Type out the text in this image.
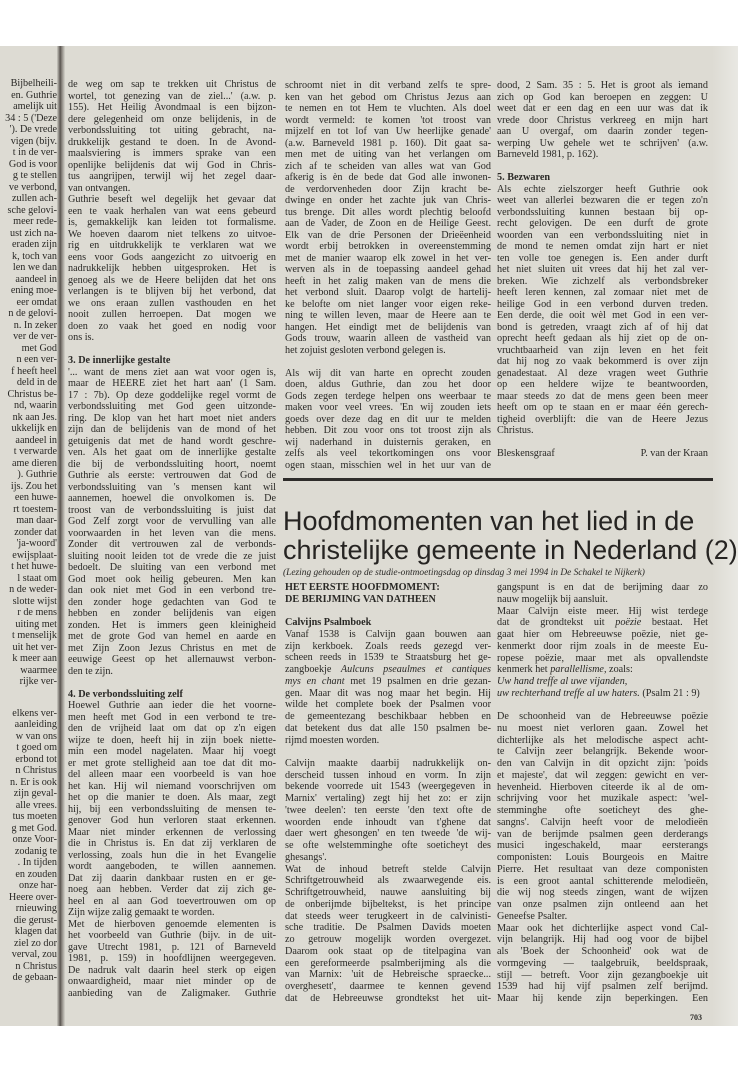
Bijbelheili-
en. Guthrie
amelijk uit
34 : 5 ('Deze
'). De vrede
vigen (bijv.
t in de ver-
God is voor
g te stellen
ve verbond,
zullen ach-
sche gelovi-
meer rede-
ust zich na-
eraden zijn
k, toch van
len we dan
aandeel in
ening moe-
eer omdat
n de gelovi-
n. In zeker
ver de ver-
met God
n een ver-
f heeft heel
deld in de
Christus be-
nd, waarin
nk aan Jes.
ukkelijk en
aandeel in
t verwarde
ame dieren
). Guthrie
ijs. Zou het
een huwe-
rt toestem-
man daar-
zonder dat
'ja-woord'
ewijsplaat-
t het huwe-
l staat om
n de weder-
slotte wijst
r de mens
uiting met
t menselijk
uit het ver-
k meer aan
waarmee
rijke ver-
elkens ver-
aanleiding
w van ons
t goed om
erbond tot
n Christus
n. Er is ook
zijn geval-
alle vrees.
tus moeten
g met God.
onze Voor-
zodanig te
. In tijden
en zouden
onze har-
Heere over-
rnieuwing
die gerust-
klagen dat
ziel zo dor
verval, zou
n Christus
de gebaan-
de weg om sap te trekken uit Christus de
wortel, tot genezing van de ziel...' (a.w. p.
155). Het Heilig Avondmaal is een bijzon-
dere gelegenheid om onze belijdenis, in de
verbondssluiting tot uiting gebracht, na-
drukkelijk gestand te doen. In de Avond-
maalsviering is immers sprake van een
openlijke belijdenis dat wij God in Chris-
tus aangrijpen, terwijl wij het zegel daar-
van ontvangen.
Guthrie beseft wel degelijk het gevaar dat
een te vaak herhalen van wat eens gebeurd
is, gemakkelijk kan leiden tot formalisme.
We hoeven daarom niet telkens zo uitvoe-
rig en uitdrukkelijk te verklaren wat we
eens voor Gods aangezicht zo uitvoerig en
nadrukkelijk hebben uitgesproken. Het is
genoeg als we de Heere belijden dat het ons
verlangen is te blijven bij het verbond, dat
we ons eraan zullen vasthouden en het
nooit zullen herroepen. Dat mogen we
doen zo vaak het goed en nodig voor
ons is.
3. De innerlijke gestalte
'... want de mens ziet aan wat voor ogen is,
maar de HEERE ziet het hart aan' (1 Sam.
17 : 7b). Op deze goddelijke regel vormt de
verbondssluiting met God geen uitzonde-
ring. De klop van het hart moet niet anders
zijn dan de belijdenis van de mond of het
getuigenis dat met de hand wordt geschre-
ven. Als het gaat om de innerlijke gestalte
die bij de verbondssluiting hoort, noemt
Guthrie als eerste: vertrouwen dat God de
verbondssluiting van 's mensen kant wil
aannemen, hoewel die onvolkomen is. De
troost van de verbondssluiting is juist dat
God Zelf zorgt voor de vervulling van alle
voorwaarden in het leven van die mens.
Zonder dit vertrouwen zal de verbonds-
sluiting nooit leiden tot de vrede die ze juist
bedoelt. De sluiting van een verbond met
God moet ook heilig gebeuren. Men kan
dan ook niet met God in een verbond tre-
den zonder hoge gedachten van God te
hebben en zonder belijdenis van eigen
zonden. Het is immers geen kleinigheid
met de grote God van hemel en aarde en
met Zijn Zoon Jezus Christus en met de
eeuwige Geest op het allernauwst verbon-
den te zijn.
4. De verbondssluiting zelf
Hoewel Guthrie aan ieder die het voorne-
men heeft met God in een verbond te tre-
den de vrijheid laat om dat op z'n eigen
wijze te doen, heeft hij in zijn boek niette-
min een model nagelaten. Maar hij voegt
er met grote stelligheid aan toe dat dit mo-
del alleen maar een voorbeeld is van hoe
het kan. Hij wil niemand voorschrijven om
het op die manier te doen. Als maar, zegt
hij, bij een verbondssluiting de mensen te-
genover God hun verloren staat erkennen.
Maar niet minder erkennen de verlossing
die in Christus is. En dat zij verklaren de
verlossing, zoals hun die in het Evangelie
wordt aangeboden, te willen aannemen.
Dat zij daarin dankbaar rusten en er ge-
noeg aan hebben. Verder dat zij zich ge-
heel en al aan God toevertrouwen om op
Zijn wijze zalig gemaakt te worden.
Met de hierboven genoemde elementen is
het voorbeeld van Guthrie (bijv. in de uit-
gave Utrecht 1981, p. 121 of Barneveld
1981, p. 159) in hoofdlijnen weergegeven.
De nadruk valt daarin heel sterk op eigen
onwaardigheid, maar niet minder op de
aanbieding van de Zaligmaker. Guthrie
schroomt niet in dit verband zelfs te spre-
ken van het gebod om Christus Jezus aan
te nemen en tot Hem te vluchten. Als doel
wordt vermeld: te komen 'tot troost van
mijzelf en tot lof van Uw heerlijke genade'
(a.w. Barneveld 1981 p. 160). Dit gaat sa-
men met de uiting van het verlangen om
zich af te scheiden van alles wat van God
afkerig is èn de bede dat God alle inwonen-
de verdorvenheden door Zijn kracht be-
dwinge en onder het zachte juk van Chris-
tus brenge. Dit alles wordt plechtig beloofd
aan de Vader, de Zoon en de Heilige Geest.
Elk van de drie Personen der Drieëenheid
wordt erbij betrokken in overeenstemming
met de manier waarop elk zowel in het ver-
werven als in de toepassing aandeel gehad
heeft in het zalig maken van de mens die
het verbond sluit. Daarop volgt de hartelij-
ke belofte om niet langer voor eigen reke-
ning te willen leven, maar de Heere aan te
hangen. Het eindigt met de belijdenis van
Gods trouw, waarin alleen de vastheid van
het zojuist gesloten verbond gelegen is.
Als wij dit van harte en oprecht zouden
doen, aldus Guthrie, dan zou het door
Gods zegen terdege helpen ons weerbaar te
maken voor veel vrees. 'En wij zouden iets
goeds over deze dag en dit uur te melden
hebben. Dit zou voor ons tot troost zijn als
wij naderhand in duisternis geraken, en
zelfs als veel tekortkomingen ons voor
ogen staan, misschien wel in het uur van de
dood, 2 Sam. 35 : 5. Het is groot als iemand
zich op God kan beroepen en zeggen: U
weet dat er een dag en een uur was dat ik
vrede door Christus verkreeg en mijn hart
aan U overgaf, om daarin zonder tegen-
werping Uw gehele wet te schrijven' (a.w.
Barneveld 1981, p. 162).
5. Bezwaren
Als echte zielszorger heeft Guthrie ook
weet van allerlei bezwaren die er tegen zo'n
verbondssluiting kunnen bestaan bij op-
recht gelovigen. De een durft de grote
woorden van een verbondssluiting niet in
de mond te nemen omdat zijn hart er niet
ten volle toe genegen is. Een ander durft
het niet sluiten uit vrees dat hij het zal ver-
breken. Wie zichzelf als verbondsbreker
heeft leren kennen, zal zomaar niet met de
heilige God in een verbond durven treden.
Een derde, die ooit wèl met God in een ver-
bond is getreden, vraagt zich af of hij dat
oprecht heeft gedaan als hij ziet op de on-
vruchtbaarheid van zijn leven en het feit
dat hij nog zo vaak bekommerd is over zijn
genadestaat. Al deze vragen weet Guthrie
op een heldere wijze te beantwoorden,
maar steeds zo dat de mens geen been meer
heeft om op te staan en er maar één gerech-
tigheid overblijft: die van de Heere Jezus
Christus.
Bleskensgraaf	P. van der Kraan
Hoofdmomenten van het lied in de
christelijke gemeente in Nederland (2)
(Lezing gehouden op de studie-ontmoetingsdag op dinsdag 3 mei 1994 in De Schakel te Nijkerk)
HET EERSTE HOOFDMOMENT:
DE BERIJMING VAN DATHEEN
Calvijns Psalmboek
Vanaf 1538 is Calvijn gaan bouwen aan
zijn kerkboek. Zoals reeds gezegd ver-
scheen reeds in 1539 te Straatsburg het ge-
zangboekje Aulcuns pseaulmes et cantiques
mys en chant met 19 psalmen en drie gezan-
gen. Maar dit was nog maar het begin. Hij
wilde het complete boek der Psalmen voor
de gemeentezang beschikbaar hebben en
dat betekent dus dat alle 150 psalmen be-
rijmd moesten worden.
Calvijn maakte daarbij nadrukkelijk on-
derscheid tussen inhoud en vorm. In zijn
bekende voorrede uit 1543 (weergegeven in
Marnix' vertaling) zegt hij het zo: er zijn
'twee deelen': ten eerste 'den text ofte de
woorden ende inhoudt van t'ghene dat
daer wert ghesongen' en ten tweede 'de wij-
se ofte welstemminghe ofte soeticheyt des
ghesangs'.
Wat de inhoud betreft stelde Calvijn
Schriftgetrouwheid als zwaarwegende eis.
Schriftgetrouwheid, nauwe aansluiting bij
de onberijmde bijbeltekst, is het principe
dat steeds weer terugkeert in de calvinisti-
sche traditie. De Psalmen Davids moeten
zo getrouw mogelijk worden overgezet.
Daarom ook staat op de titelpagina van
een gereformeerde psalmberijming als die
van Marnix: 'uit de Hebreische spraecke...
overghesett', daarmee te kennen gevend
dat de Hebreeuwse grondtekst het uit-
gangspunt is en dat de berijming daar zo
nauw mogelijk bij aansluit.
Maar Calvijn eiste meer. Hij wist terdege
dat de grondtekst uit poëzie bestaat. Het
gaat hier om Hebreeuwse poëzie, niet ge-
kenmerkt door rijm zoals in de meeste Eu-
ropese poëzie, maar met als opvallendste
kenmerk het parallellisme, zoals:
Uw hand treffe al uwe vijanden,
uw rechterhand treffe al uw haters. (Psalm 21 : 9)
De schoonheid van de Hebreeuwse poëzie
nu moest niet verloren gaan. Zowel het
dichterlijke als het melodische aspect acht-
te Calvijn zeer belangrijk. Bekende woor-
den van Calvijn in dit opzicht zijn: 'poids
et majeste', dat wil zeggen: gewicht en ver-
hevenheid. Hierboven citeerde ik al de om-
schrijving voor het muzikale aspect: 'wel-
stemminghe ofte soeticheyt des ghe-
sangns'. Calvijn heeft voor de melodieën
van de berijmde psalmen geen derderangs
musici ingeschakeld, maar eersterangs
componisten: Louis Bourgeois en Maitre
Pierre. Het resultaat van deze componisten
is een groot aantal schitterende melodieën,
die wij nog steeds zingen, want de wijzen
van onze psalmen zijn ontleend aan het
Geneefse Psalter.
Maar ook het dichterlijke aspect vond Cal-
vijn belangrijk. Hij had oog voor de bijbel
als 'Boek der Schoonheid' ook wat de
vormgeving — taalgebruik, beeldspraak,
stijl — betreft. Voor zijn gezangboekje uit
1539 had hij vijf psalmen zelf berijmd.
Maar hij kende zijn beperkingen. Een
703
